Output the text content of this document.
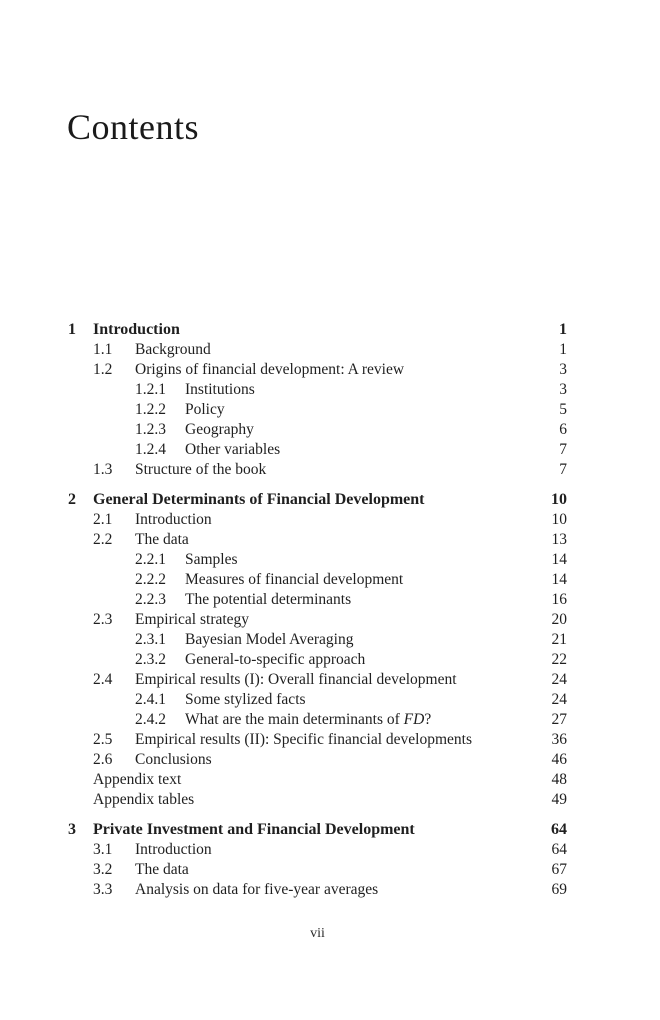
Contents
1	Introduction	1
1.1	Background	1
1.2	Origins of financial development: A review	3
1.2.1	Institutions	3
1.2.2	Policy	5
1.2.3	Geography	6
1.2.4	Other variables	7
1.3	Structure of the book	7
2	General Determinants of Financial Development	10
2.1	Introduction	10
2.2	The data	13
2.2.1	Samples	14
2.2.2	Measures of financial development	14
2.2.3	The potential determinants	16
2.3	Empirical strategy	20
2.3.1	Bayesian Model Averaging	21
2.3.2	General-to-specific approach	22
2.4	Empirical results (I): Overall financial development	24
2.4.1	Some stylized facts	24
2.4.2	What are the main determinants of FD?	27
2.5	Empirical results (II): Specific financial developments	36
2.6	Conclusions	46
Appendix text	48
Appendix tables	49
3	Private Investment and Financial Development	64
3.1	Introduction	64
3.2	The data	67
3.3	Analysis on data for five-year averages	69
vii
